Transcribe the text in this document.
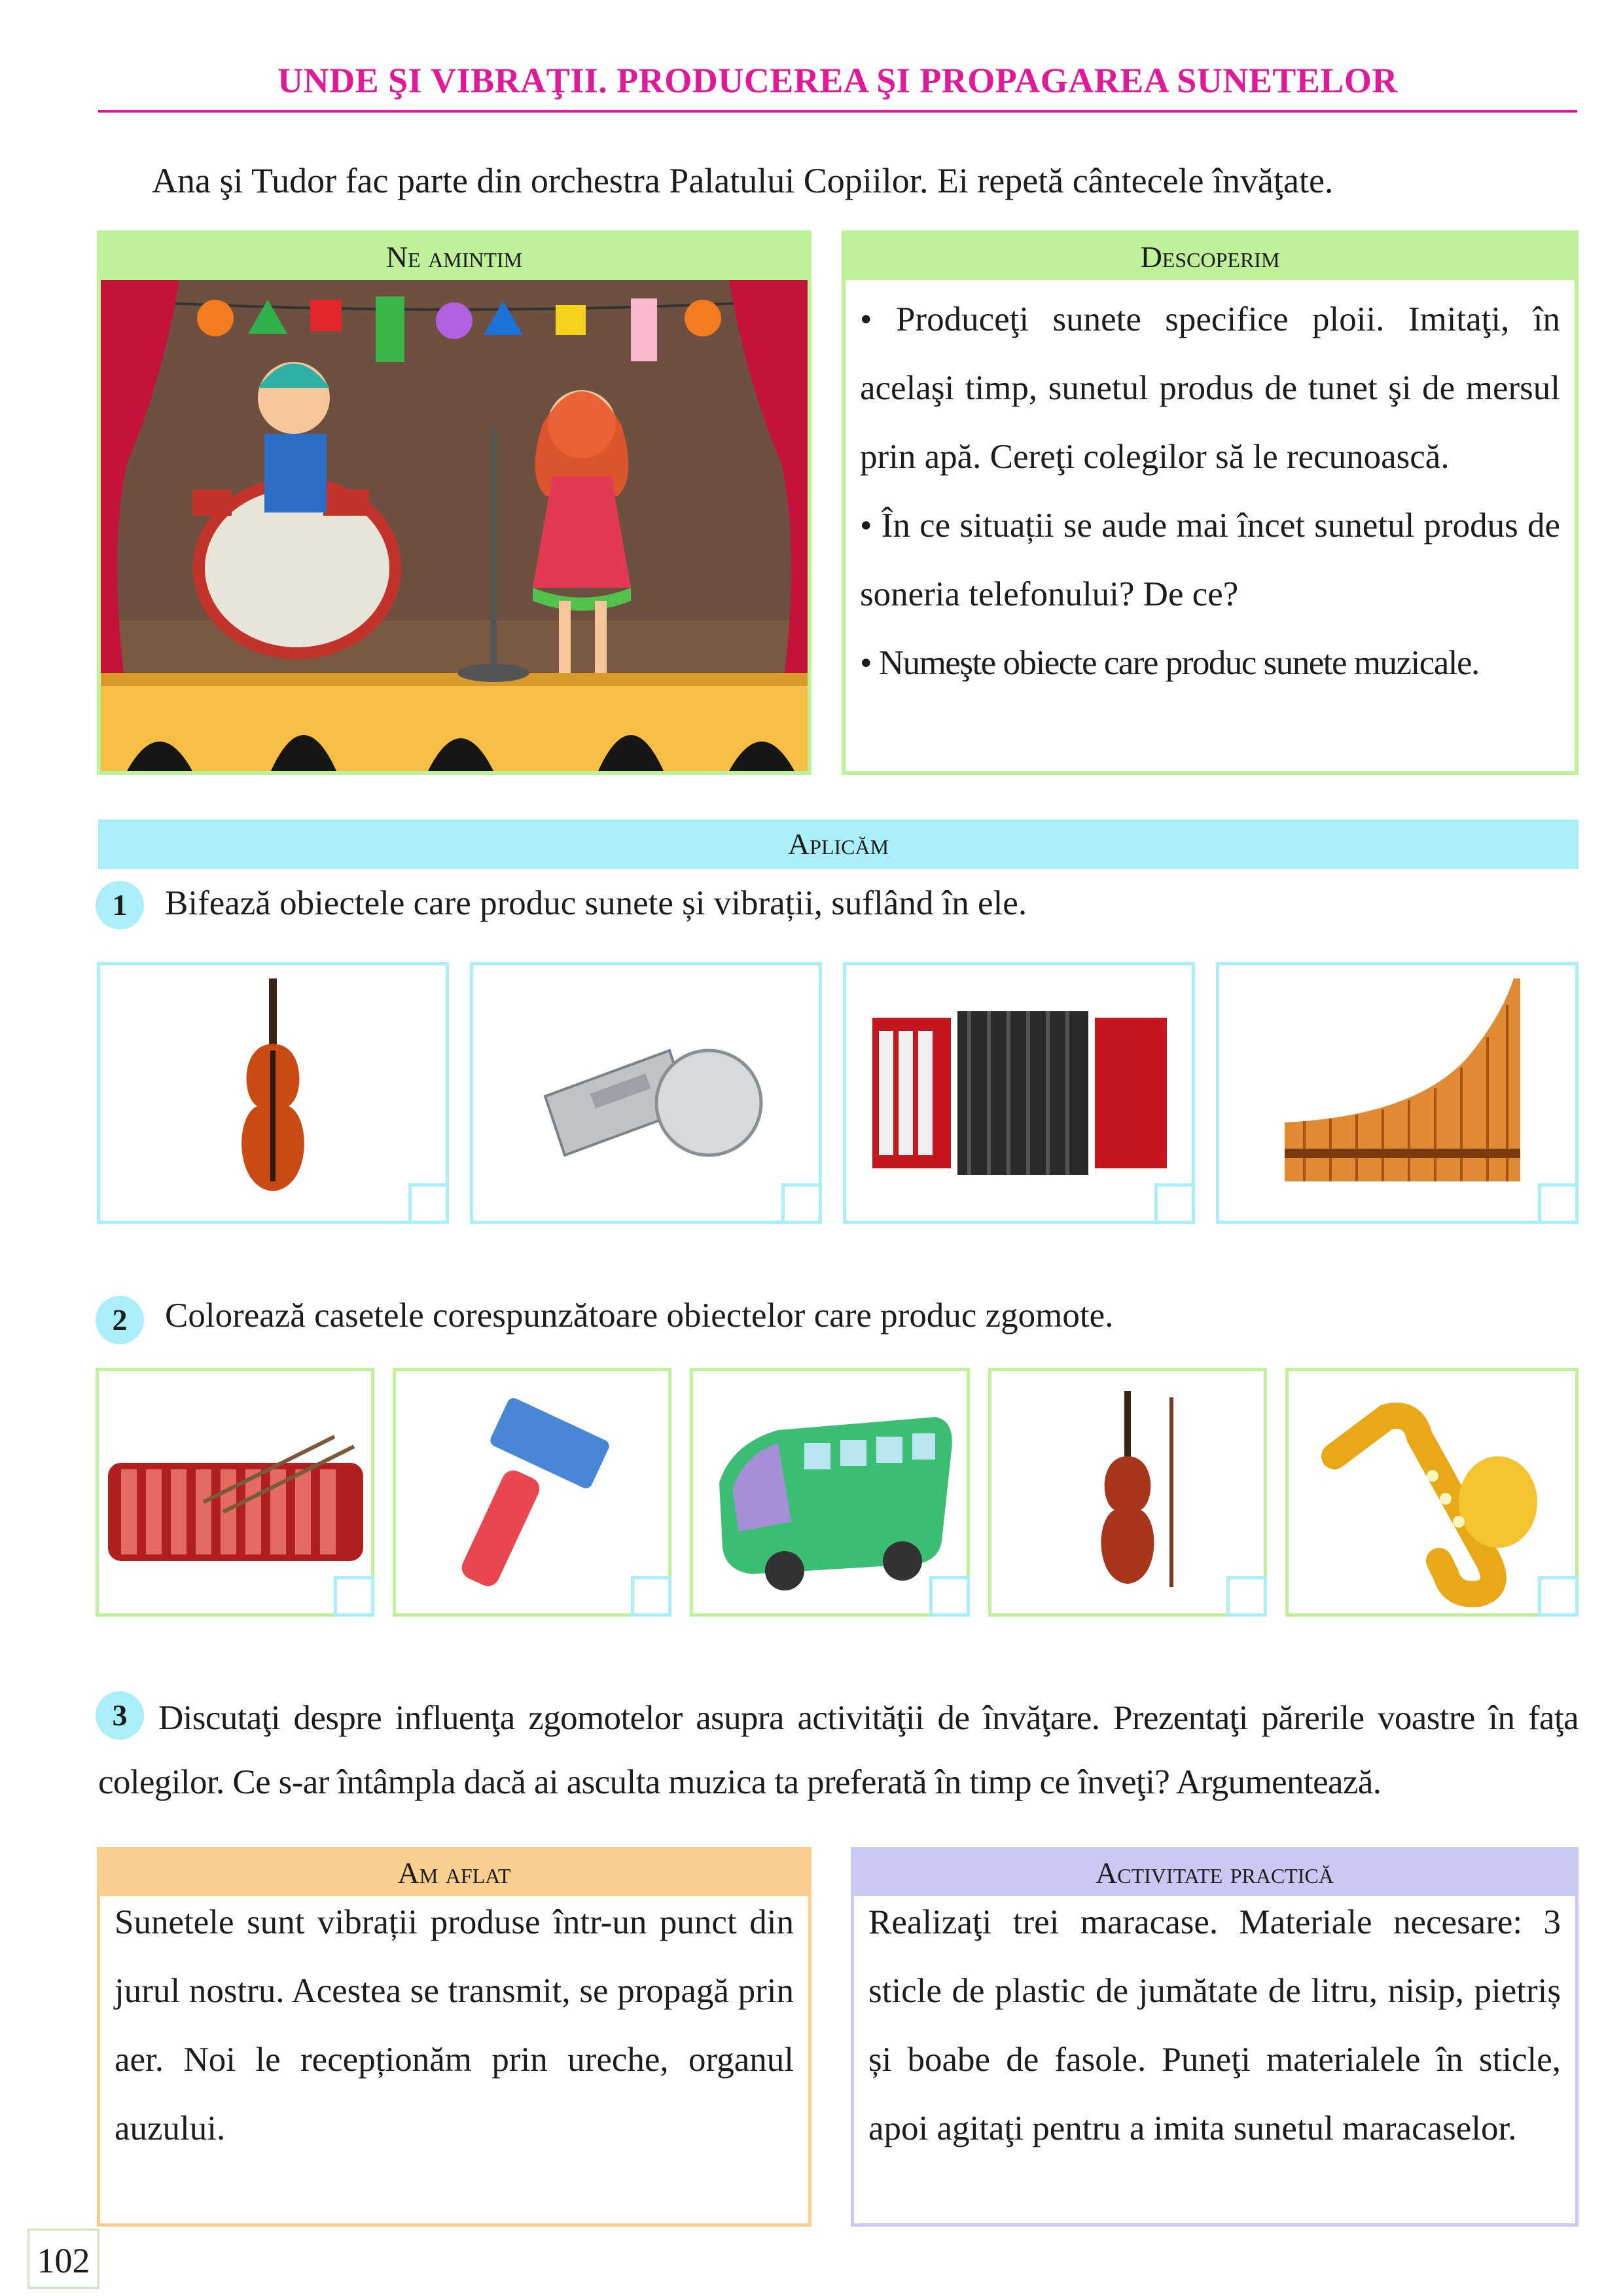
UNDE ŞI VIBRAŢII. PRODUCEREA ŞI PROPAGAREA SUNETELOR
Ana şi Tudor fac parte din orchestra Palatului Copiilor. Ei repetă cântecele învăţate.
Ne amintim	Descoperim
• Produceţi sunete specifice ploii. Imitaţi, în acelaşi timp, sunetul produs de tunet şi de mersul prin apă. Cereţi colegilor să le recunoască.
• În ce situații se aude mai încet sunetul produs de soneria telefonului? De ce?
• Numeşte obiecte care produc sunete muzicale.
Aplicăm
1	Bifează obiectele care produc sunete și vibrații, suflând în ele.
2	Colorează casetele corespunzătoare obiectelor care produc zgomote.
3 Discutaţi despre influenţa zgomotelor asupra activităţii de învăţare. Prezentaţi părerile voastre în faţa colegilor. Ce s-ar întâmpla dacă ai asculta muzica ta preferată în timp ce înveţi? Argumentează.
Am aflat
Sunetele sunt vibrații produse într-un punct din jurul nostru. Acestea se transmit, se propagă prin aer. Noi le recepționăm prin ureche, organul auzului.
Activitate practică
Realizaţi trei maracase. Materiale necesare: 3 sticle de plastic de jumătate de litru, nisip, pietriș și boabe de fasole. Puneţi materialele în sticle, apoi agitaţi pentru a imita sunetul maracaselor.
102
